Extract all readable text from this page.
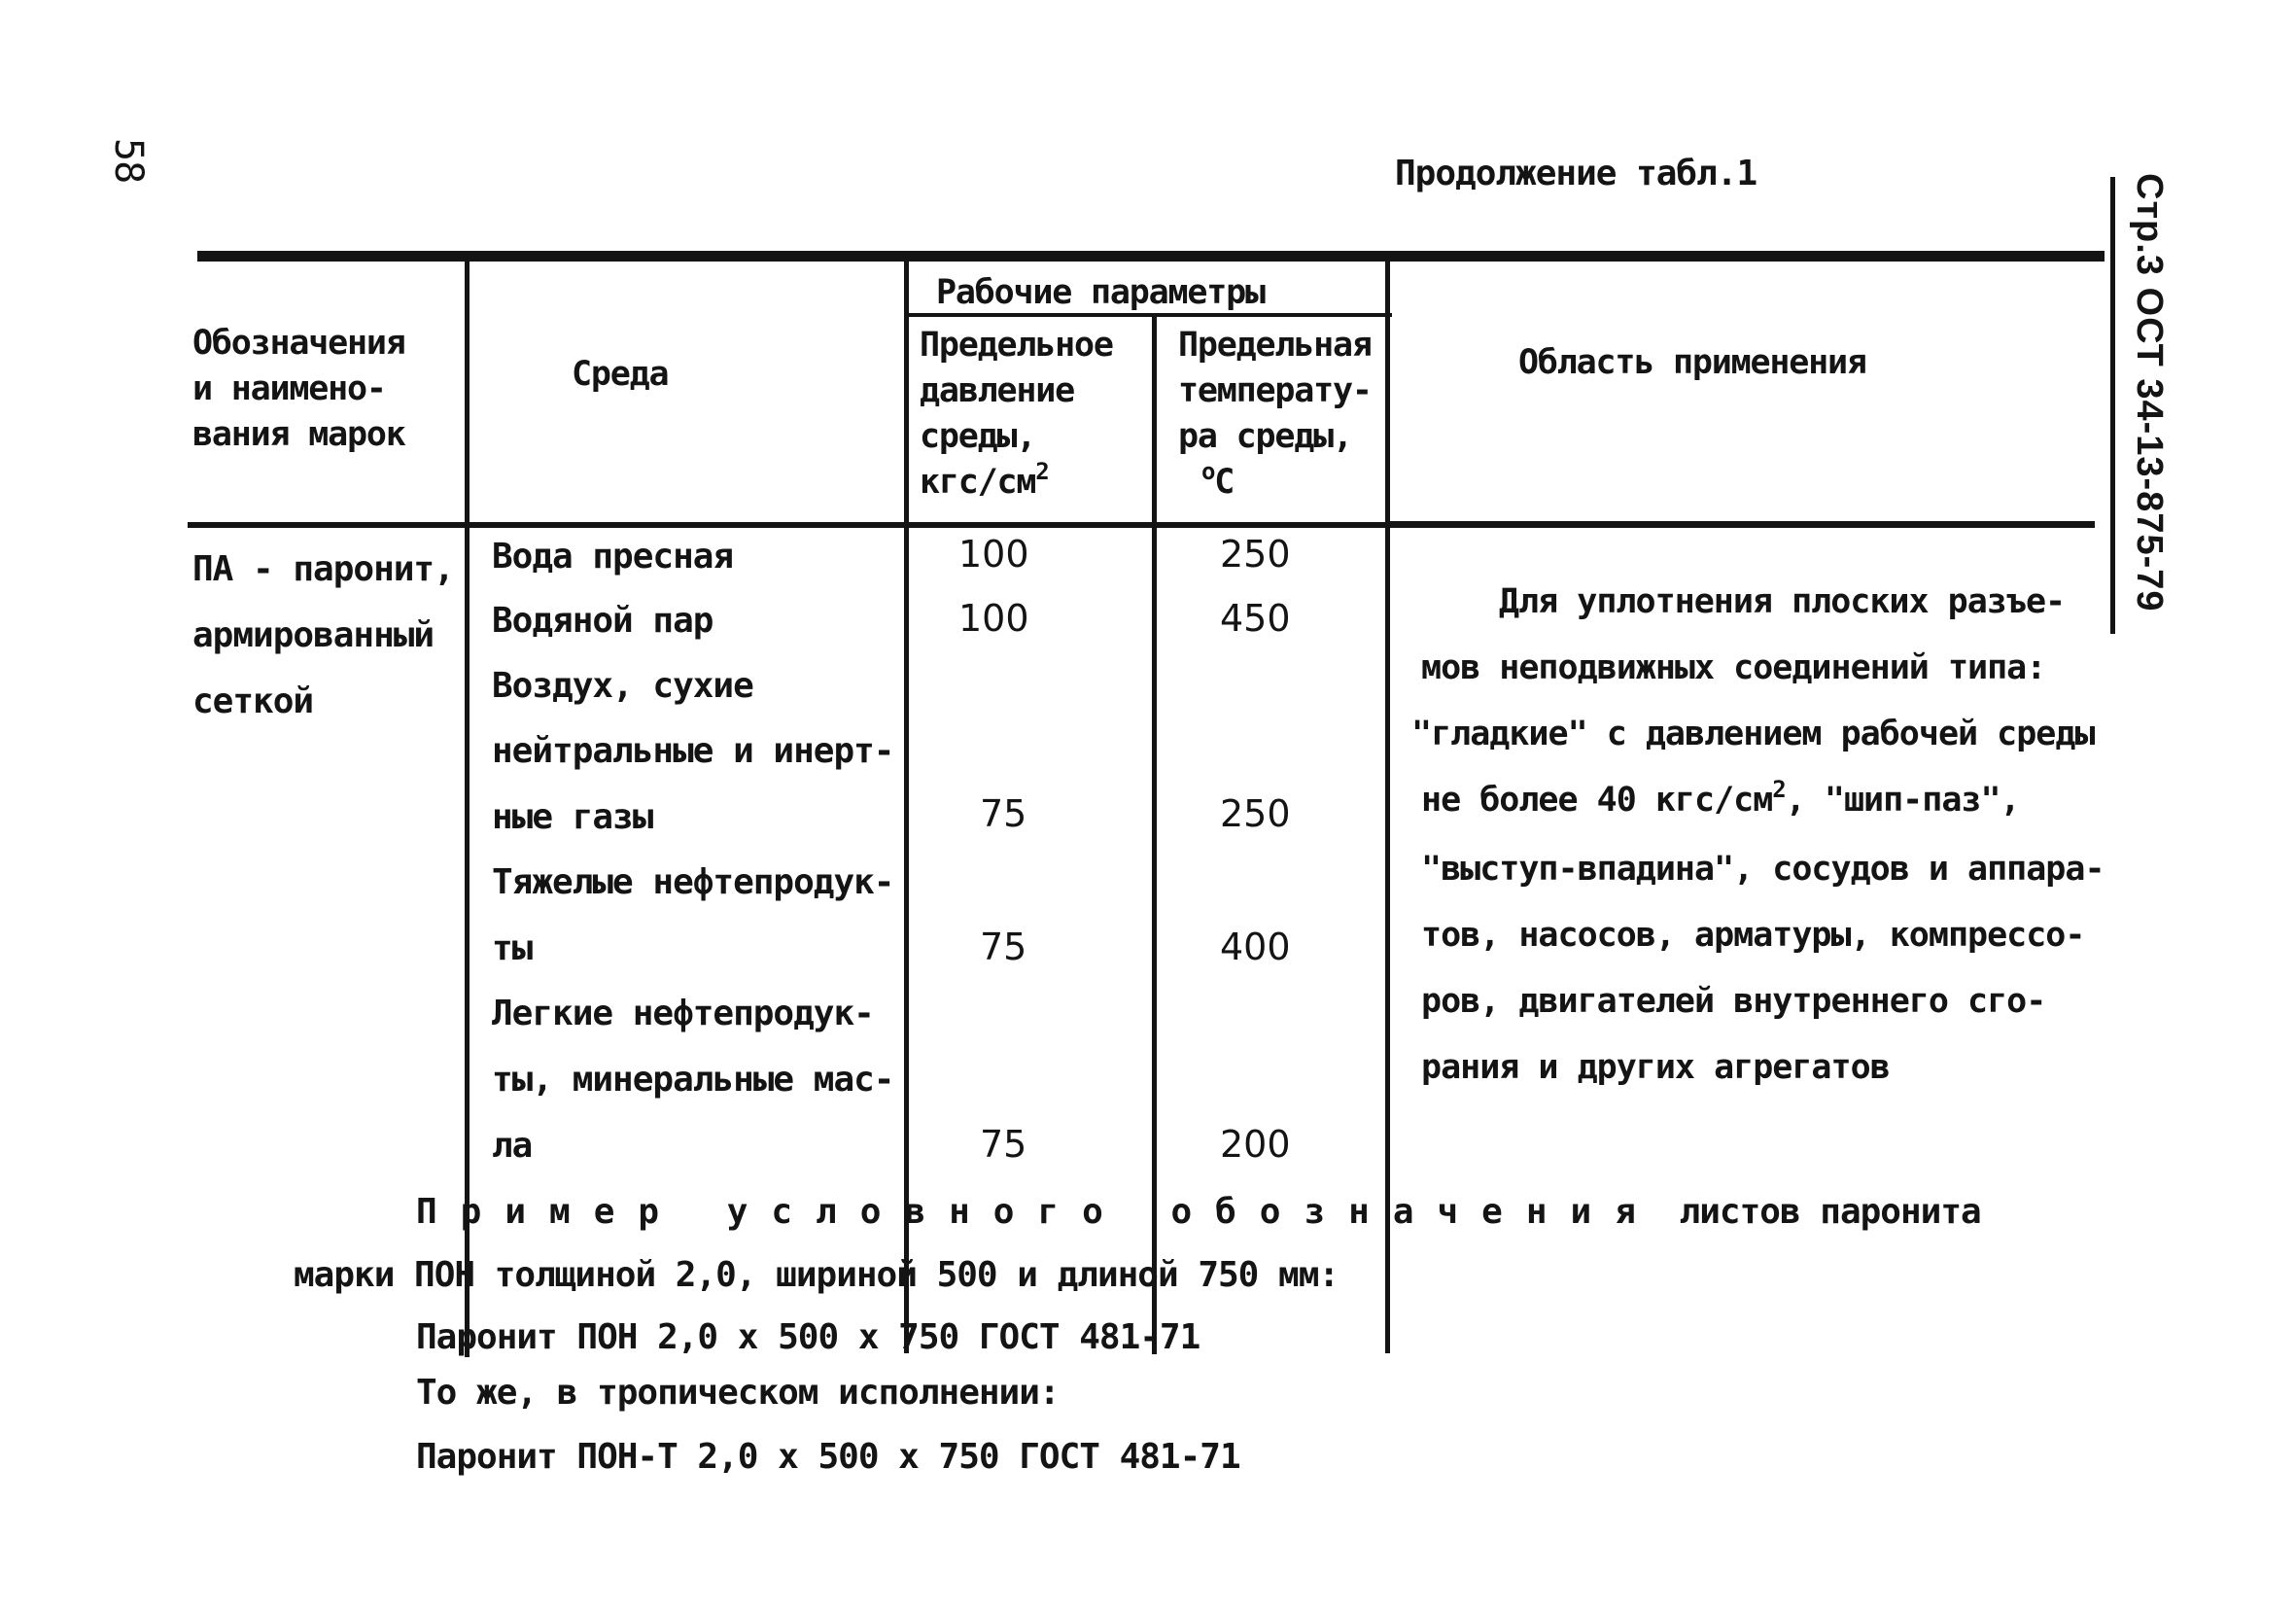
58	Продолжение табл.1	Стр.3 ОСТ 34-13-875-79
Обозначения
и наимено-
вания марок
Среда
Рабочие параметры
Предельное
давление
среды,
кгс/$см^2$
Предельная
температу-
ра среды,
$^о$С
Область применения
ПА - паронит,
армированный
сеткой
Вода пресная
Водяной пар
Воздух, сухие
нейтральные и инерт-
ные газы
Тяжелые нефтепродук-
ты
Легкие нефтепродук-
ты, минеральные мас-
ла
100
100
75
75
75
250
450
250
400
200
Для уплотнения плоских разъе-
мов неподвижных соединений типа:
"гладкие" с давлением рабочей среды
не более 40 кгс/$см^2$, "шип-паз",
"выступ-впадина", сосудов и аппара-
тов, насосов, арматуры, компрессо-
ров, двигателей внутреннего сго-
рания и других агрегатов
Пример условного обозначения листов паронита
марки ПОН толщиной 2,0, шириной 500 и длиной 750 мм:
Паронит ПОН 2,0 х 500 х 750 ГОСТ 481-71
То же, в тропическом исполнении:
Паронит ПОН-Т 2,0 х 500 х 750 ГОСТ 481-71
